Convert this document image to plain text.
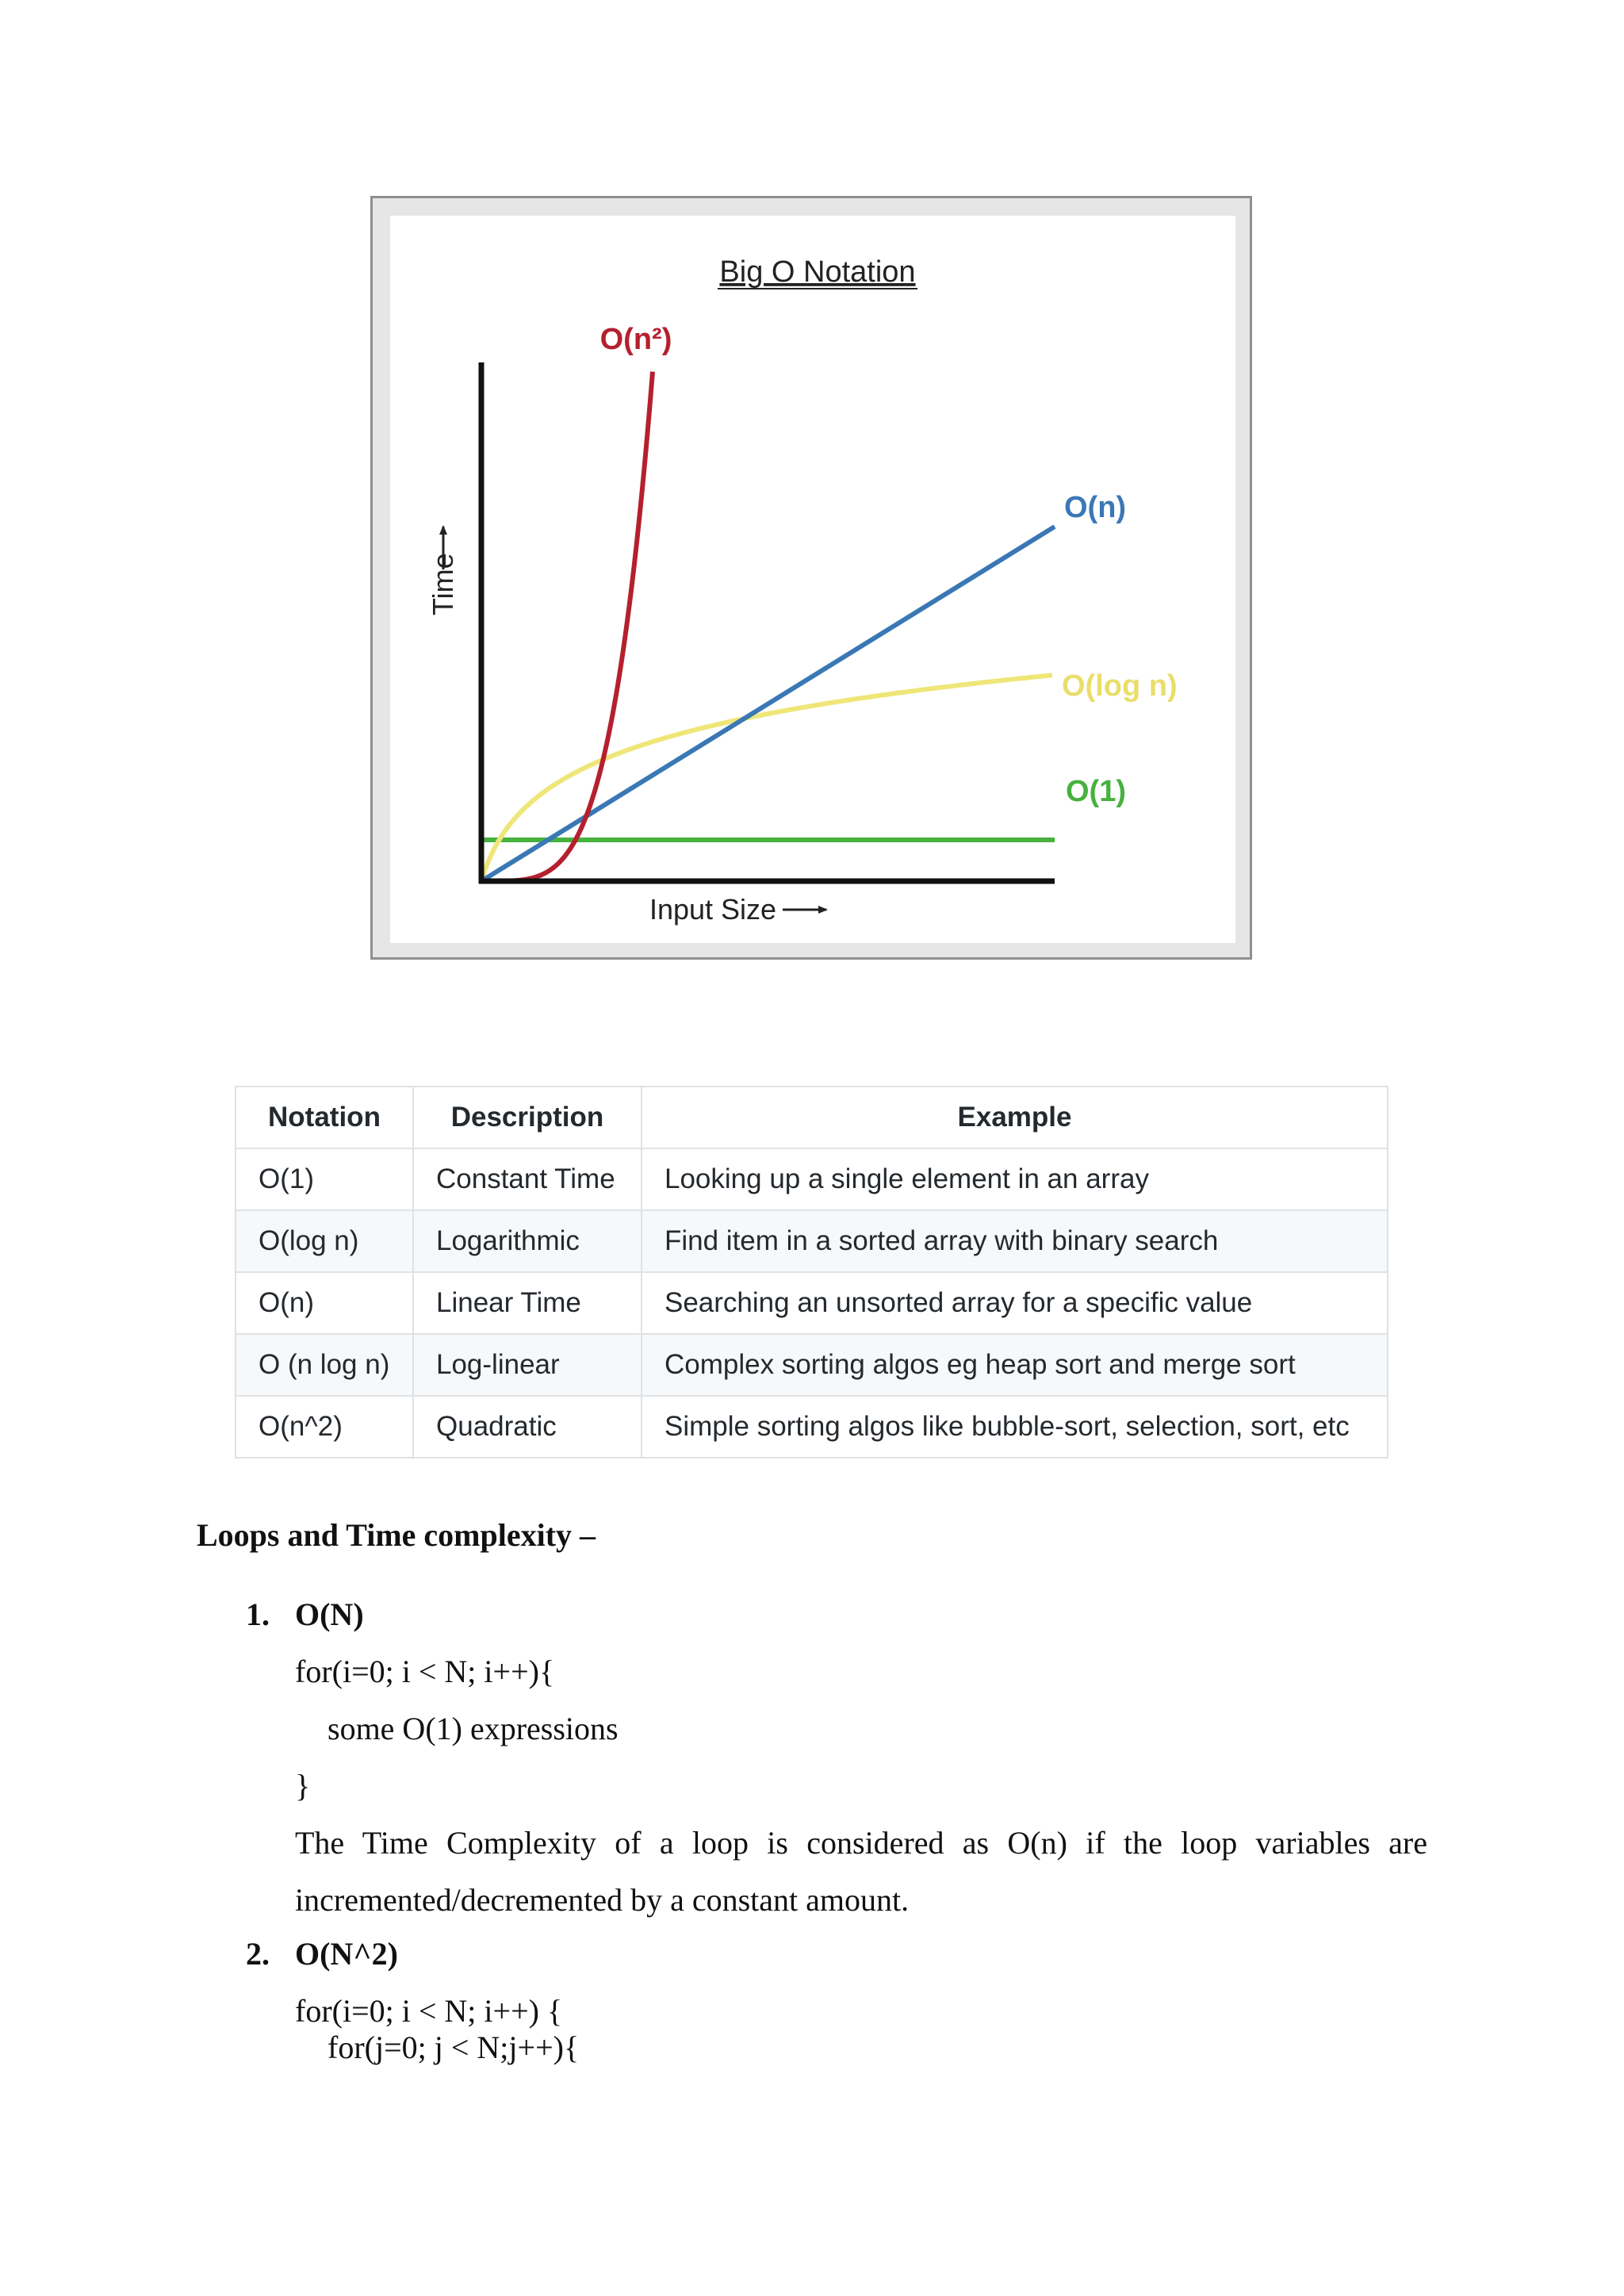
Big O Notation
Input Size
Time
O(n²)
O(n)
O(log n)
O(1)
Notation	Description	Example
O(1)	Constant Time	Looking up a single element in an array
O(log n)	Logarithmic	Find item in a sorted array with binary search
O(n)	Linear Time	Searching an unsorted array for a specific value
O (n log n)	Log-linear	Complex sorting algos eg heap sort and merge sort
O(n^2)	Quadratic	Simple sorting algos like bubble-sort, selection, sort, etc
Loops and Time complexity –

1. O(N)

for(i=0; i < N; i++){

some O(1) expressions

}

The Time Complexity of a loop is considered as O(n) if the loop variables are

incremented/decremented by a constant amount.

2. O(N^2)

for(i=0; i < N; i++) {

for(j=0; j < N;j++){
